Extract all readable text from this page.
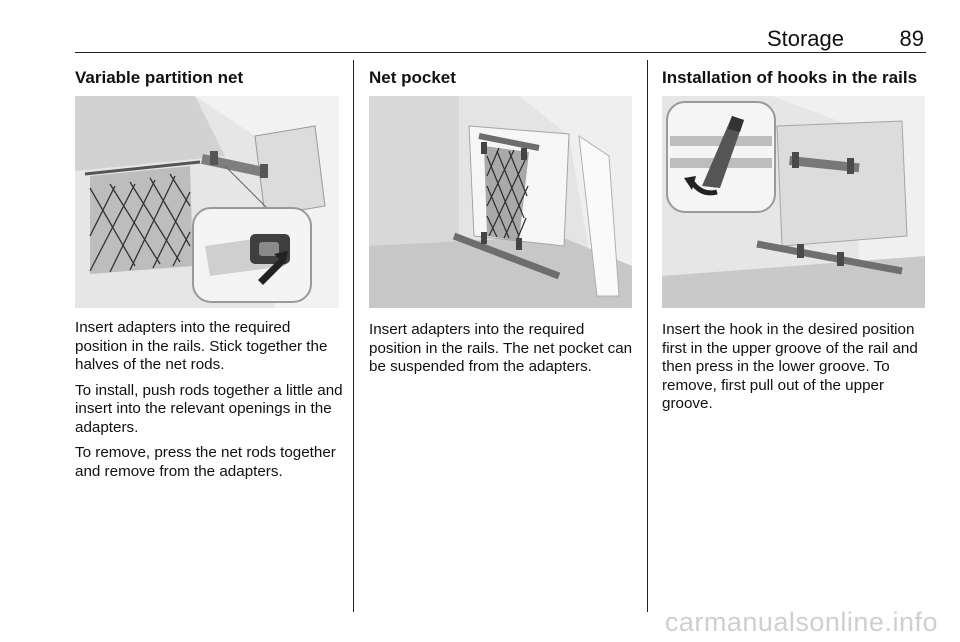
Storage	89
Variable partition net

Insert adapters into the required position in the rails. Stick together the halves of the net rods.

To install, push rods together a little and insert into the relevant openings in the adapters.

To remove, press the net rods together and remove from the adapters.

Net pocket

Insert adapters into the required position in the rails. The net pocket can be suspended from the adapters.

Installation of hooks in the rails

Insert the hook in the desired position first in the upper groove of the rail and then press in the lower groove. To remove, first pull out of the upper groove.

carmanualsonline.info
